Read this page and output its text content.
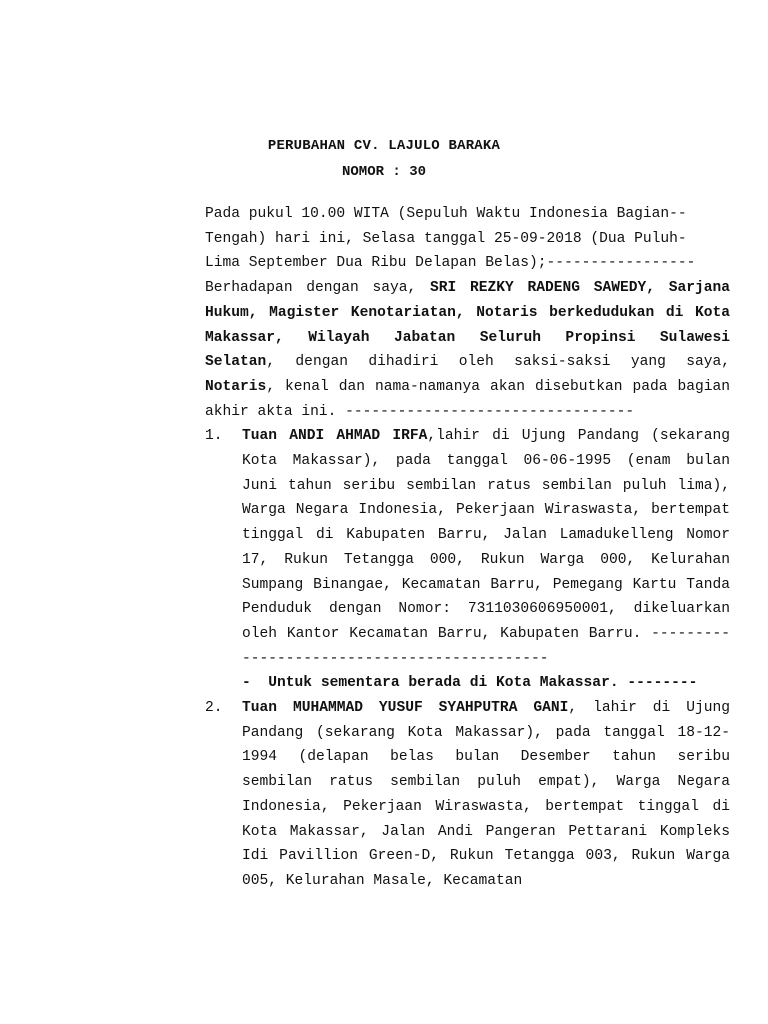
PERUBAHAN CV. LAJULO BARAKA
NOMOR : 30
Pada pukul 10.00 WITA (Sepuluh Waktu Indonesia Bagian--
Tengah) hari ini, Selasa tanggal 25-09-2018 (Dua Puluh-
Lima September Dua Ribu Delapan Belas);-----------------
Berhadapan dengan saya, SRI REZKY RADENG SAWEDY, Sarjana Hukum, Magister Kenotariatan, Notaris berkedudukan di Kota Makassar, Wilayah Jabatan Seluruh Propinsi Sulawesi Selatan, dengan dihadiri oleh saksi-saksi yang saya, Notaris, kenal dan nama-namanya akan disebutkan pada bagian akhir akta ini. ---------------------------------
1. Tuan ANDI AHMAD IRFA,lahir di Ujung Pandang (sekarang Kota Makassar), pada tanggal 06-06-1995 (enam bulan Juni tahun seribu sembilan ratus sembilan puluh lima), Warga Negara Indonesia, Pekerjaan Wiraswasta, bertempat tinggal di Kabupaten Barru, Jalan Lamadukelleng Nomor 17, Rukun Tetangga 000, Rukun Warga 000, Kelurahan Sumpang Binangae, Kecamatan Barru, Pemegang Kartu Tanda Penduduk dengan Nomor: 7311030606950001, dikeluarkan oleh Kantor Kecamatan Barru, Kabupaten Barru. --------------------------------------------
-  Untuk sementara berada di Kota Makassar. --------
2. Tuan MUHAMMAD YUSUF SYAHPUTRA GANI, lahir di Ujung Pandang (sekarang Kota Makassar), pada tanggal 18-12-1994 (delapan belas bulan Desember tahun seribu sembilan ratus sembilan puluh empat), Warga Negara Indonesia, Pekerjaan Wiraswasta, bertempat tinggal di Kota Makassar, Jalan Andi Pangeran Pettarani Kompleks Idi Pavillion Green-D, Rukun Tetangga 003, Rukun Warga 005, Kelurahan Masale, Kecamatan
